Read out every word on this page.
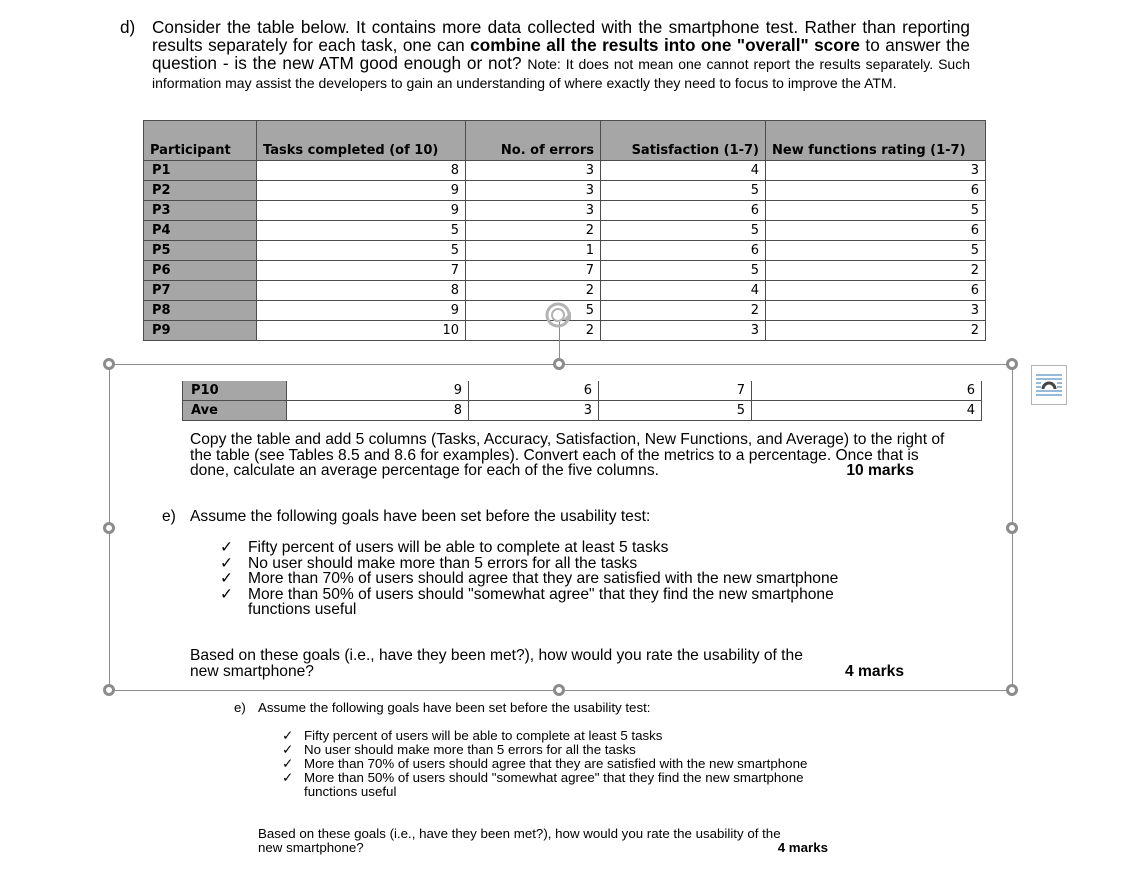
d) Consider the table below. It contains more data collected with the smartphone test. Rather than reporting results separately for each task, one can combine all the results into one "overall" score to answer the question - is the new ATM good enough or not? Note: It does not mean one cannot report the results separately. Such information may assist the developers to gain an understanding of where exactly they need to focus to improve the ATM.
Participant	Tasks completed (of 10)	No. of errors	Satisfaction (1-7)	New functions rating (1-7)
P1	8	3	4	3
P2	9	3	5	6
P3	9	3	6	5
P4	5	2	5	6
P5	5	1	6	5
P6	7	7	5	2
P7	8	2	4	6
P8	9	5	2	3
P9	10	2	3	2
P10	9	6	7	6
Ave	8	3	5	4
Copy the table and add 5 columns (Tasks, Accuracy, Satisfaction, New Functions, and Average) to the right of the table (see Tables 8.5 and 8.6 for examples). Convert each of the metrics to a percentage. Once that is done, calculate an average percentage for each of the five columns.	10 marks
e) Assume the following goals have been set before the usability test:
✓ Fifty percent of users will be able to complete at least 5 tasks
✓ No user should make more than 5 errors for all the tasks
✓ More than 70% of users should agree that they are satisfied with the new smartphone
✓ More than 50% of users should "somewhat agree" that they find the new smartphone functions useful
Based on these goals (i.e., have they been met?), how would you rate the usability of the
new smartphone?	4 marks
e) Assume the following goals have been set before the usability test:
✓ Fifty percent of users will be able to complete at least 5 tasks
✓ No user should make more than 5 errors for all the tasks
✓ More than 70% of users should agree that they are satisfied with the new smartphone
✓ More than 50% of users should "somewhat agree" that they find the new smartphone functions useful
Based on these goals (i.e., have they been met?), how would you rate the usability of the
new smartphone?	4 marks
